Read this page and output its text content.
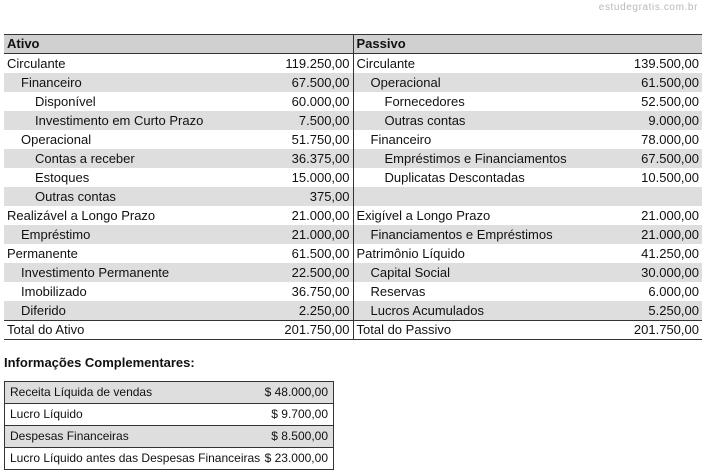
estudegratis.com.br
Ativo
Circulante	119.250,00
Financeiro	67.500,00
Disponível	60.000,00
Investimento em Curto Prazo	7.500,00
Operacional	51.750,00
Contas a receber	36.375,00
Estoques	15.000,00
Outras contas	375,00
Realizável a Longo Prazo	21.000,00
Empréstimo	21.000,00
Permanente	61.500,00
Investimento Permanente	22.500,00
Imobilizado	36.750,00
Diferido	2.250,00
Total do Ativo	201.750,00
Passivo
Circulante	139.500,00
Operacional	61.500,00
Fornecedores	52.500,00
Outras contas	9.000,00
Financeiro	78.000,00
Empréstimos e Financiamentos	67.500,00
Duplicatas Descontadas	10.500,00
Exigível a Longo Prazo	21.000,00
Financiamentos e Empréstimos	21.000,00
Patrimônio Líquido	41.250,00
Capital Social	30.000,00
Reservas	6.000,00
Lucros Acumulados	5.250,00
Total do Passivo	201.750,00
Informações Complementares:
Receita Líquida de vendas	$ 48.000,00
Lucro Líquido	$ 9.700,00
Despesas Financeiras	$ 8.500,00
Lucro Líquido antes das Despesas Financeiras $ 23.000,00
